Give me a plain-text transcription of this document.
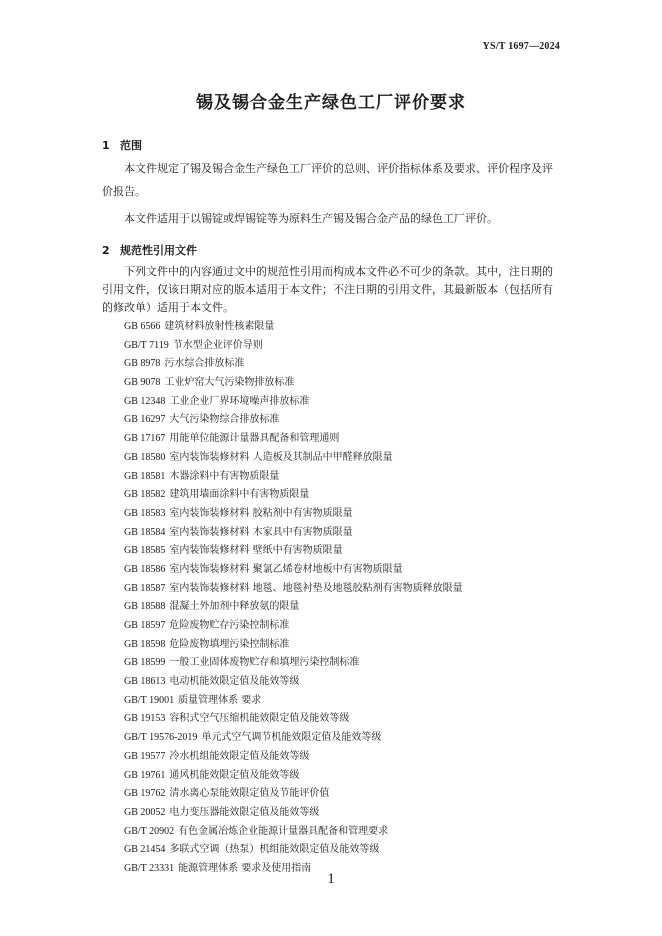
YS/T 1697—2024
锡及锡合金生产绿色工厂评价要求
1 范围

本文件规定了锡及锡合金生产绿色工厂评价的总则、评价指标体系及要求、评价程序及评价报告。

本文件适用于以锡锭或焊锡锭等为原料生产锡及锡合金产品的绿色工厂评价。

2 规范性引用文件

下列文件中的内容通过文中的规范性引用而构成本文件必不可少的条款。其中，注日期的引用文件，仅该日期对应的版本适用于本文件；不注日期的引用文件，其最新版本（包括所有的修改单）适用于本文件。

GB 6566 建筑材料放射性核素限量
GB/T 7119 节水型企业评价导则
GB 8978 污水综合排放标准
GB 9078 工业炉窑大气污染物排放标准
GB 12348 工业企业厂界环境噪声排放标准
GB 16297 大气污染物综合排放标准
GB 17167 用能单位能源计量器具配备和管理通则
GB 18580 室内装饰装修材料 人造板及其制品中甲醛释放限量
GB 18581 木器涂料中有害物质限量
GB 18582 建筑用墙面涂料中有害物质限量
GB 18583 室内装饰装修材料 胶粘剂中有害物质限量
GB 18584 室内装饰装修材料 木家具中有害物质限量
GB 18585 室内装饰装修材料 壁纸中有害物质限量
GB 18586 室内装饰装修材料 聚氯乙烯卷材地板中有害物质限量
GB 18587 室内装饰装修材料 地毯、地毯衬垫及地毯胶粘剂有害物质释放限量
GB 18588 混凝土外加剂中释放氨的限量
GB 18597 危险废物贮存污染控制标准
GB 18598 危险废物填埋污染控制标准
GB 18599 一般工业固体废物贮存和填埋污染控制标准
GB 18613 电动机能效限定值及能效等级
GB/T 19001 质量管理体系 要求
GB 19153 容积式空气压缩机能效限定值及能效等级
GB/T 19576-2019 单元式空气调节机能效限定值及能效等级
GB 19577 冷水机组能效限定值及能效等级
GB 19761 通风机能效限定值及能效等级
GB 19762 清水离心泵能效限定值及节能评价值
GB 20052 电力变压器能效限定值及能效等级
GB/T 20902 有色金属冶炼企业能源计量器具配备和管理要求
GB 21454 多联式空调（热泵）机组能效限定值及能效等级
GB/T 23331 能源管理体系 要求及使用指南
1
